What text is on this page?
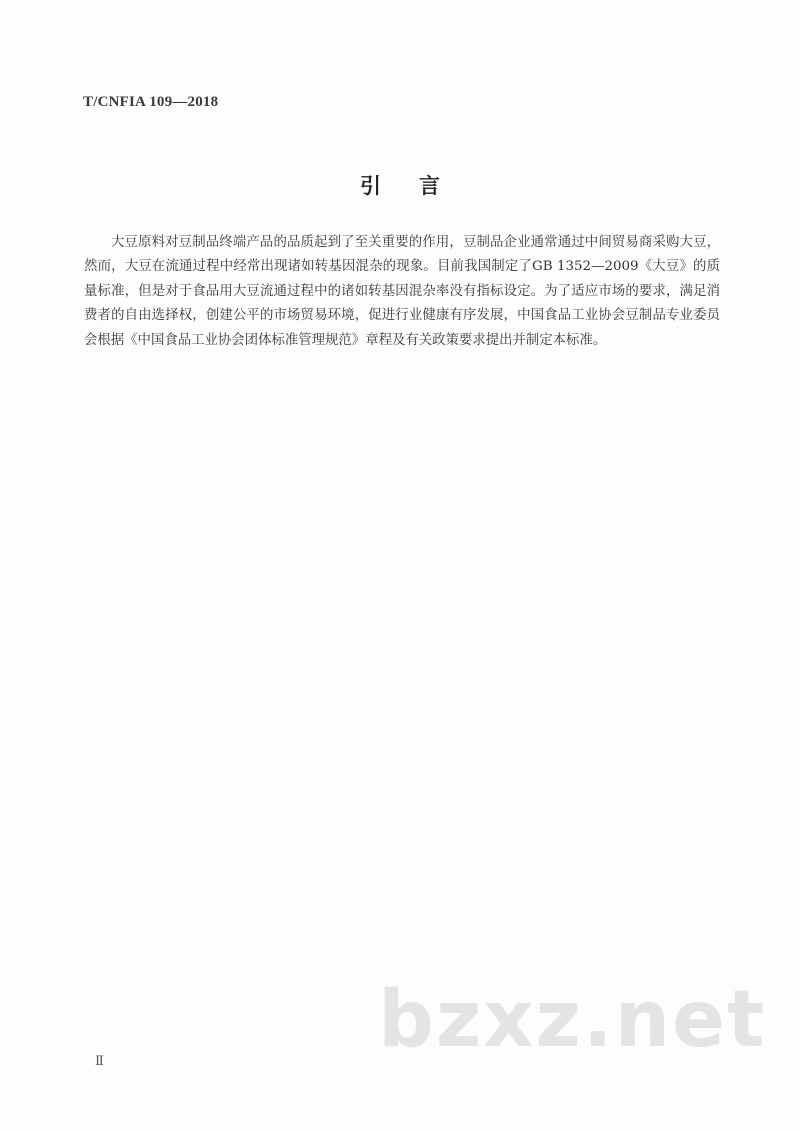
T/CNFIA 109—2018
引言

大豆原料对豆制品终端产品的品质起到了至关重要的作用，豆制品企业通常通过中间贸易商采购大豆，然而，大豆在流通过程中经常出现诸如转基因混杂的现象。目前我国制定了GB 1352—2009《大豆》的质量标准，但是对于食品用大豆流通过程中的诸如转基因混杂率没有指标设定。为了适应市场的要求，满足消费者的自由选择权，创建公平的市场贸易环境，促进行业健康有序发展，中国食品工业协会豆制品专业委员会根据《中国食品工业协会团体标准管理规范》章程及有关政策要求提出并制定本标准。

Ⅱ	bzxz.net
